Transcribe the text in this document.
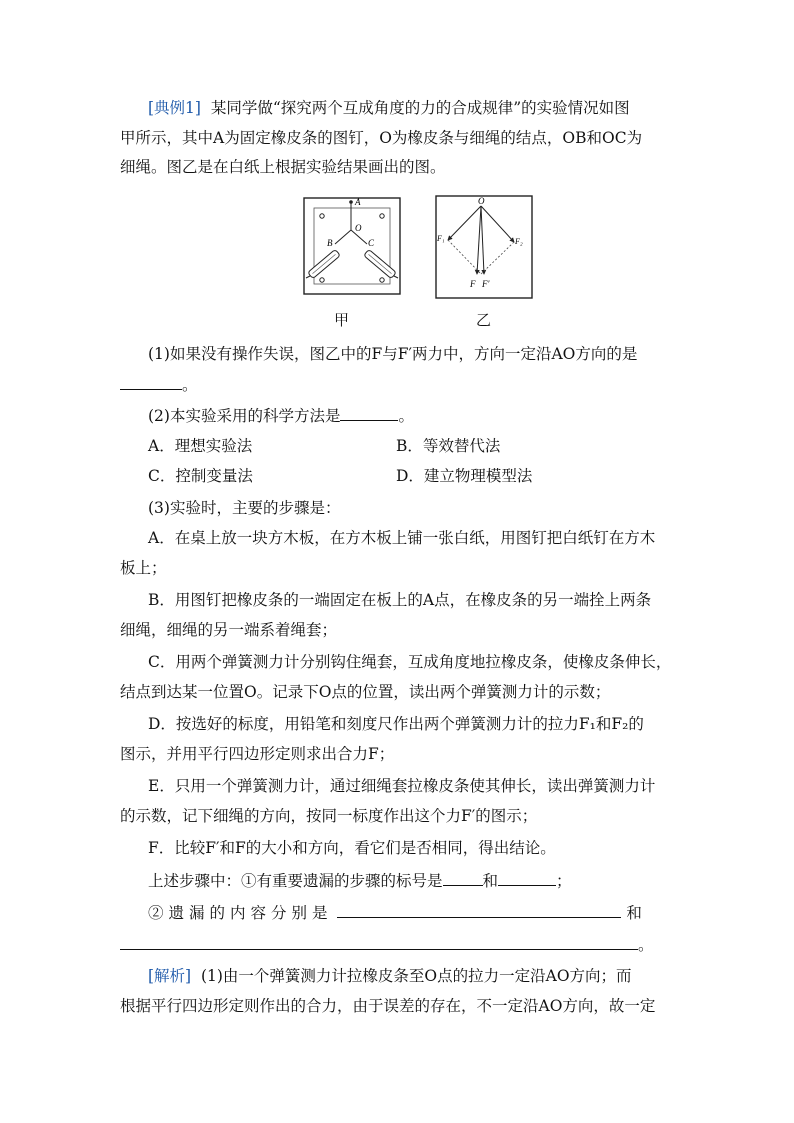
[典例1] 某同学做“探究两个互成角度的力的合成规律”的实验情况如图
甲所示，其中A为固定橡皮条的图钉，O为橡皮条与细绳的结点，OB和OC为
细绳。图乙是在白纸上根据实验结果画出的图。
A
O
B	C
O
F₁	F₂
F F′
甲	乙
(1)如果没有操作失误，图乙中的F与F′两力中，方向一定沿AO方向的是
。
(2)本实验采用的科学方法是	。
A．理想实验法	B．等效替代法
C．控制变量法	D．建立物理模型法
(3)实验时，主要的步骤是：
A．在桌上放一块方木板，在方木板上铺一张白纸，用图钉把白纸钉在方木
板上；
B．用图钉把橡皮条的一端固定在板上的A点，在橡皮条的另一端拴上两条
细绳，细绳的另一端系着绳套；
C．用两个弹簧测力计分别钩住绳套，互成角度地拉橡皮条，使橡皮条伸长，
结点到达某一位置O。记录下O点的位置，读出两个弹簧测力计的示数；
D．按选好的标度，用铅笔和刻度尺作出两个弹簧测力计的拉力F₁和F₂的
图示，并用平行四边形定则求出合力F；
E．只用一个弹簧测力计，通过细绳套拉橡皮条使其伸长，读出弹簧测力计
的示数，记下细绳的方向，按同一标度作出这个力F′的图示；
F．比较F′和F的大小和方向，看它们是否相同，得出结论。
上述步骤中：①有重要遗漏的步骤的标号是	和	；
②遗漏的内容分别是	和
。
[解析] (1)由一个弹簧测力计拉橡皮条至O点的拉力一定沿AO方向；而
根据平行四边形定则作出的合力，由于误差的存在，不一定沿AO方向，故一定
